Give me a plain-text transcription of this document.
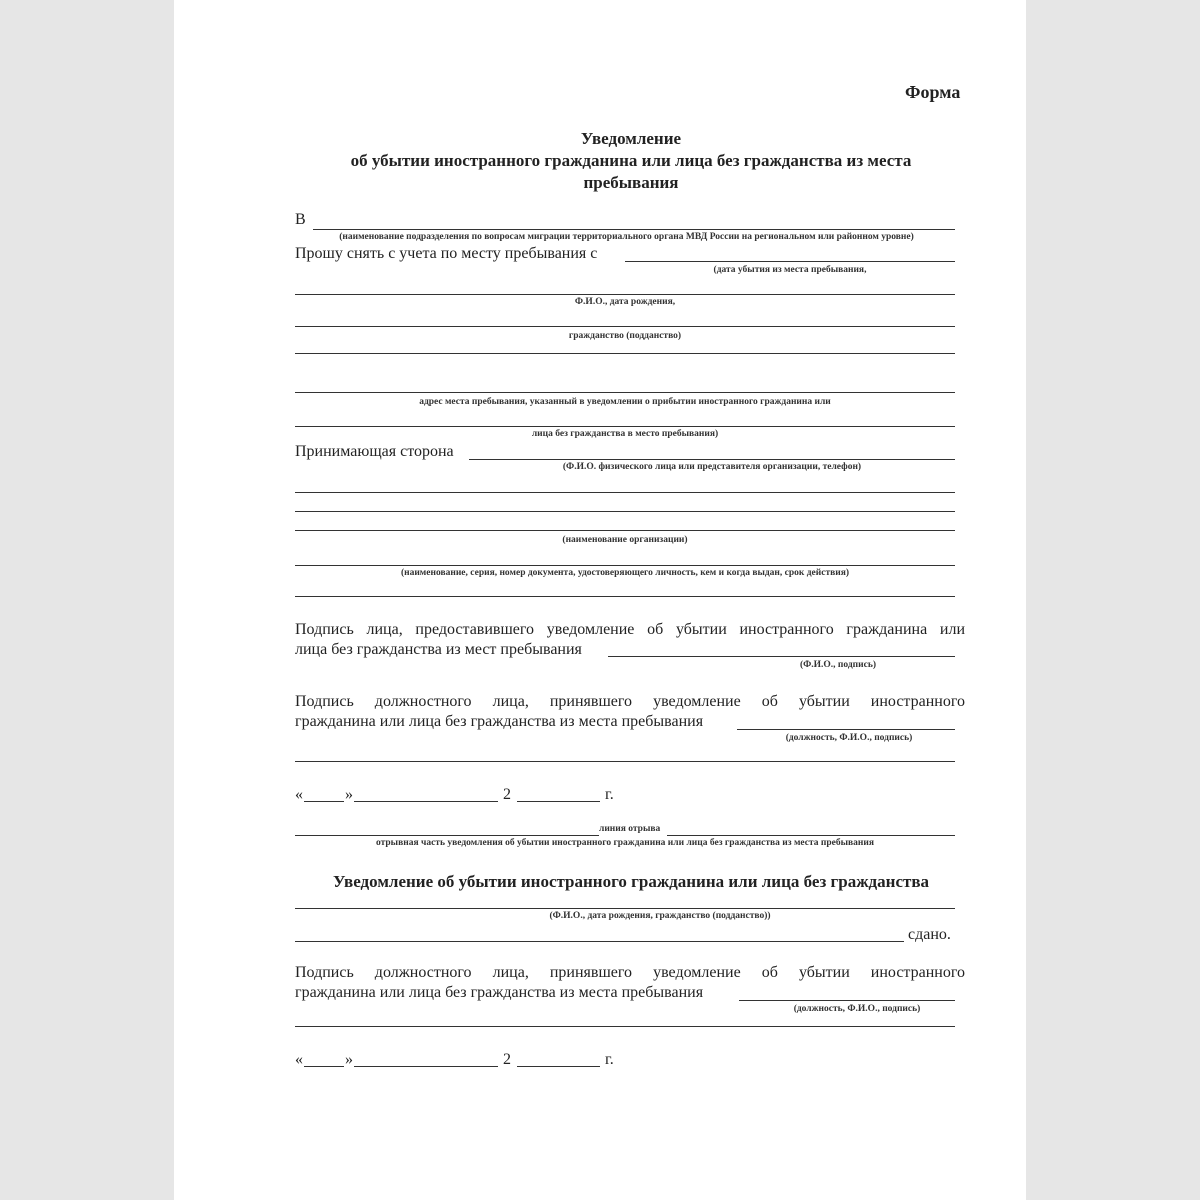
Форма
Уведомление
об убытии иностранного гражданина или лица без гражданства из места
пребывания
В
(наименование подразделения по вопросам миграции территориального органа МВД России на региональном или районном уровне)
Прошу снять с учета по месту пребывания с
(дата убытия из места пребывания,
Ф.И.О., дата рождения,
гражданство (подданство)
адрес места пребывания, указанный в уведомлении о прибытии иностранного гражданина или
лица без гражданства в место пребывания)
Принимающая сторона
(Ф.И.О. физического лица или представителя организации, телефон)
(наименование организации)
(наименование, серия, номер документа, удостоверяющего личность, кем и когда выдан, срок действия)
Подпись лица, предоставившего уведомление об убытии иностранного гражданина или
лица без гражданства из мест пребывания
(Ф.И.О., подпись)
Подпись должностного лица, принявшего уведомление об убытии иностранного
гражданина или лица без гражданства из места пребывания
(должность, Ф.И.О., подпись)
«	»	2	г.
линия отрыва
отрывная часть уведомления об убытии иностранного гражданина или лица без гражданства из места пребывания
Уведомление об убытии иностранного гражданина или лица без гражданства
(Ф.И.О., дата рождения, гражданство (подданство))
сдано.
Подпись должностного лица, принявшего уведомление об убытии иностранного
гражданина или лица без гражданства из места пребывания
(должность, Ф.И.О., подпись)
«	»	2	г.
